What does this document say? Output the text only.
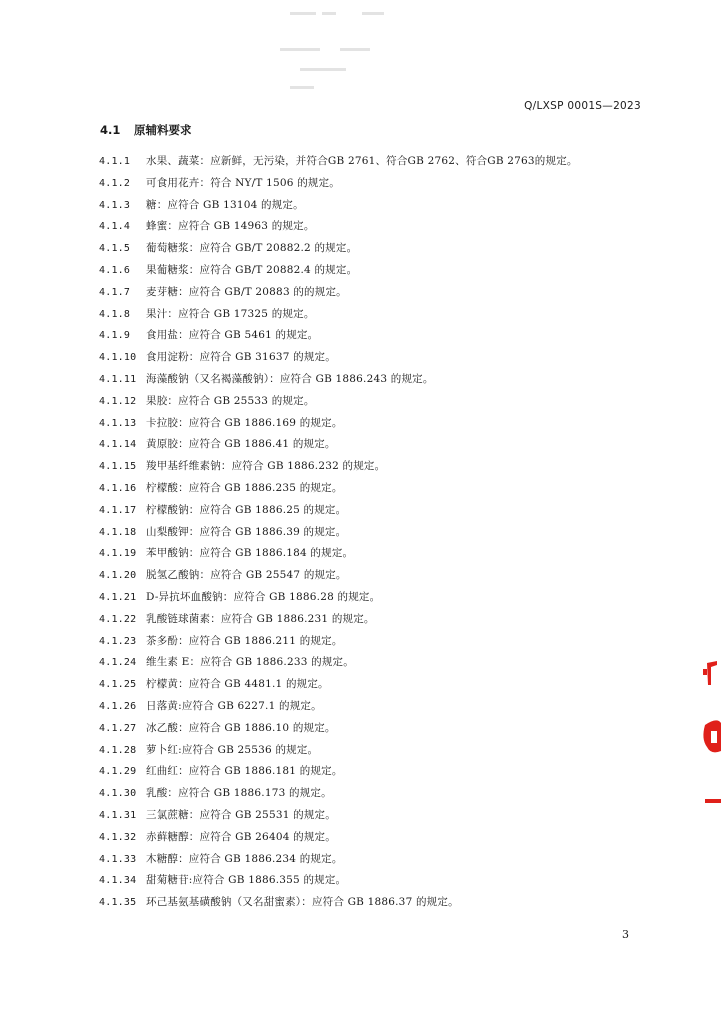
Q/LXSP 0001S—2023
4.1 原辅料要求
4.1.1	水果、蔬菜：应新鲜，无污染，并符合GB 2761、符合GB 2762、符合GB 2763的规定。
4.1.2	可食用花卉：符合 NY/T 1506 的规定。
4.1.3	糖：应符合 GB 13104 的规定。
4.1.4	蜂蜜：应符合 GB 14963 的规定。
4.1.5	葡萄糖浆：应符合 GB/T 20882.2 的规定。
4.1.6	果葡糖浆：应符合 GB/T 20882.4 的规定。
4.1.7	麦芽糖：应符合 GB/T 20883 的的规定。
4.1.8	果汁：应符合 GB 17325 的规定。
4.1.9	食用盐：应符合 GB 5461 的规定。
4.1.10 食用淀粉：应符合 GB 31637 的规定。
4.1.11 海藻酸钠（又名褐藻酸钠）：应符合 GB 1886.243 的规定。
4.1.12 果胶：应符合 GB 25533 的规定。
4.1.13 卡拉胶：应符合 GB 1886.169 的规定。
4.1.14 黄原胶：应符合 GB 1886.41 的规定。
4.1.15 羧甲基纤维素钠：应符合 GB 1886.232 的规定。
4.1.16 柠檬酸：应符合 GB 1886.235 的规定。
4.1.17 柠檬酸钠：应符合 GB 1886.25 的规定。
4.1.18 山梨酸钾：应符合 GB 1886.39 的规定。
4.1.19 苯甲酸钠：应符合 GB 1886.184 的规定。
4.1.20 脱氢乙酸钠：应符合 GB 25547 的规定。
4.1.21 D-异抗坏血酸钠：应符合 GB 1886.28 的规定。
4.1.22 乳酸链球菌素：应符合 GB 1886.231 的规定。
4.1.23 茶多酚：应符合 GB 1886.211 的规定。
4.1.24 维生素 E：应符合 GB 1886.233 的规定。
4.1.25 柠檬黄：应符合 GB 4481.1 的规定。
4.1.26 日落黄:应符合 GB 6227.1 的规定。
4.1.27 冰乙酸：应符合 GB 1886.10 的规定。
4.1.28 萝卜红:应符合 GB 25536 的规定。
4.1.29 红曲红：应符合 GB 1886.181 的规定。
4.1.30 乳酸：应符合 GB 1886.173 的规定。
4.1.31 三氯蔗糖：应符合 GB 25531 的规定。
4.1.32 赤藓糖醇：应符合 GB 26404 的规定。
4.1.33 木糖醇：应符合 GB 1886.234 的规定。
4.1.34 甜菊糖苷:应符合 GB 1886.355 的规定。
4.1.35 环己基氨基磺酸钠（又名甜蜜素）：应符合 GB 1886.37 的规定。
3
